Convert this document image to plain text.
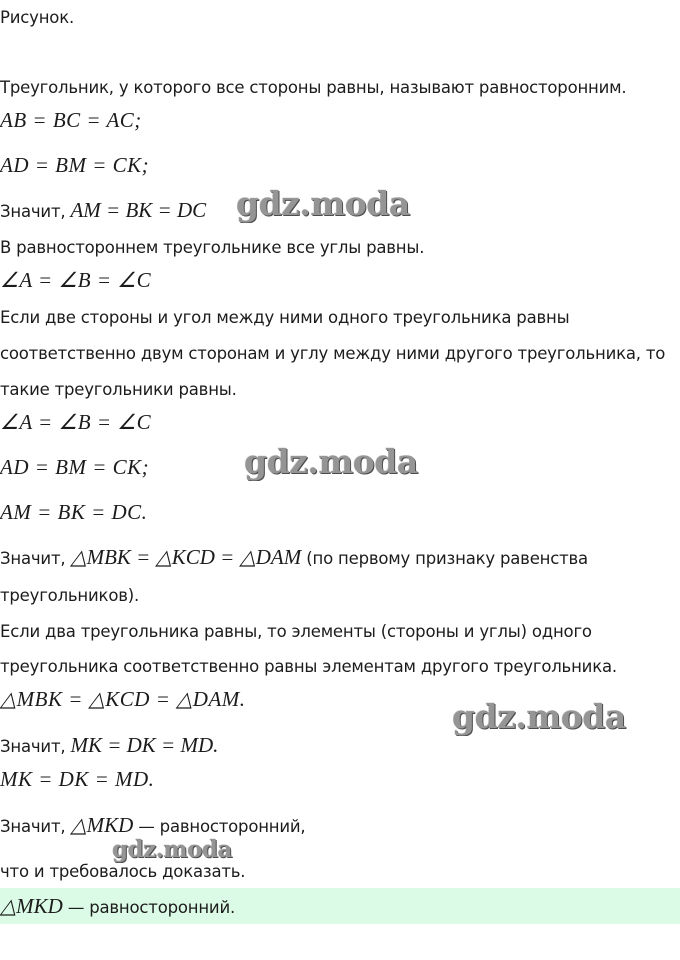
Рисунок.
Треугольник, у которого все стороны равны, называют равносторонним.
AB = BC = AC;
AD = BM = CK;
Значит, AM = BK = DC
В равностороннем треугольнике все углы равны.
∠A = ∠B = ∠C
Если две стороны и угол между ними одного треугольника равны
соответственно двум сторонам и углу между ними другого треугольника, то
такие треугольники равны.
∠A = ∠B = ∠C
AD = BM = CK;
AM = BK = DC.
Значит, △MBK = △KCD = △DAM (по первому признаку равенства
треугольников).
Если два треугольника равны, то элементы (стороны и углы) одного
треугольника соответственно равны элементам другого треугольника.
△MBK = △KCD = △DAM.
Значит, MK = DK = MD.
MK = DK = MD.
Значит, △MKD — равносторонний,
что и требовалось доказать.
△MKD — равносторонний.
gdz.moda
gdz.moda
gdz.moda
gdz.moda
